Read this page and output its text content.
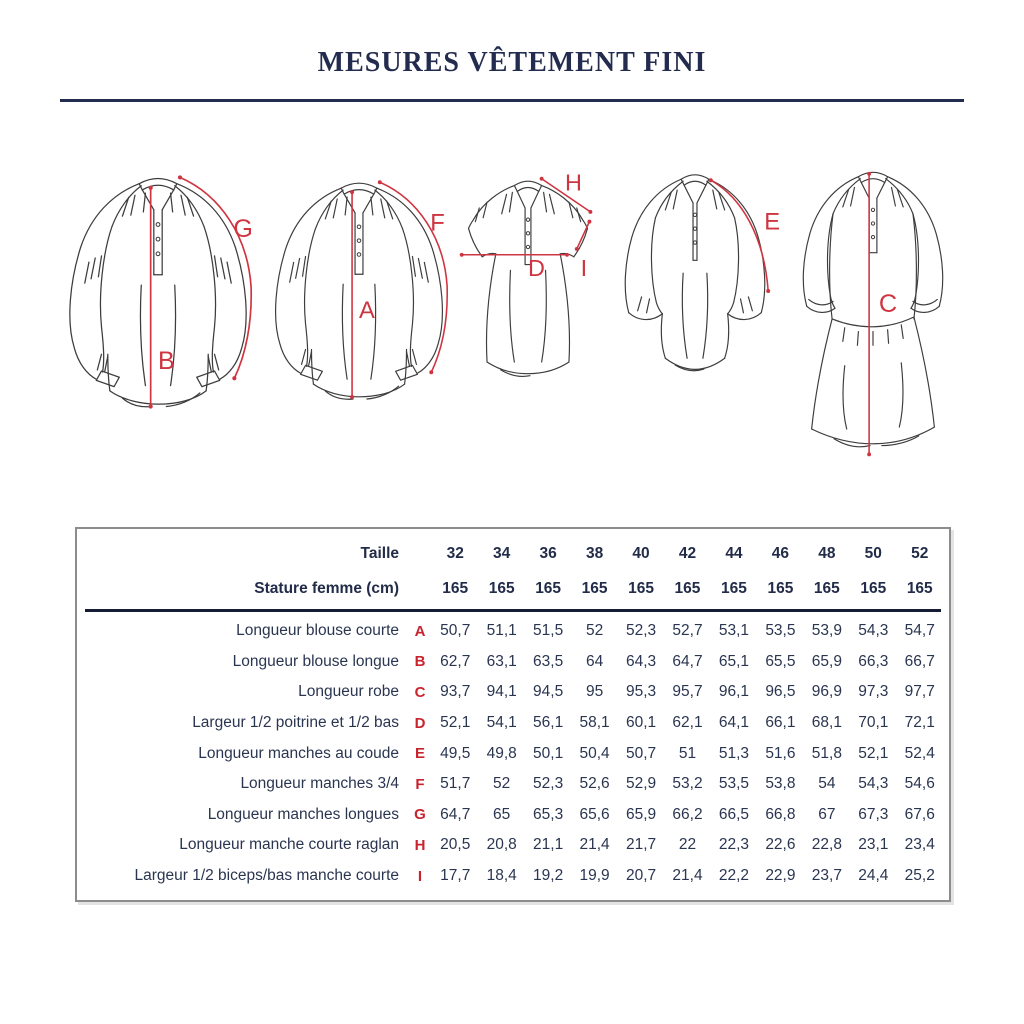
MESURES VÊTEMENT FINI
B
G
A
F
H
D I
E
C
Taille	32	34	36	38	40	42	44	46	48	50	52
Stature femme (cm)	165	165	165	165	165	165	165	165	165	165	165
Longueur blouse courte	A 50,7	51,1	51,5	52	52,3	52,7	53,1	53,5	53,9	54,3	54,7
Longueur blouse longue	B 62,7	63,1	63,5	64	64,3	64,7	65,1	65,5	65,9	66,3	66,7
Longueur robe	C 93,7	94,1	94,5	95	95,3	95,7	96,1	96,5	96,9	97,3	97,7
Largeur 1/2 poitrine et 1/2 bas	D 52,1	54,1	56,1	58,1	60,1	62,1	64,1	66,1	68,1	70,1	72,1
Longueur manches au coude	E 49,5	49,8	50,1	50,4	50,7	51	51,3	51,6	51,8	52,1	52,4
Longueur manches 3/4	F	51,7	52	52,3	52,6	52,9	53,2	53,5	53,8	54	54,3	54,6
Longueur manches longues	G 64,7	65	65,3	65,6	65,9	66,2	66,5	66,8	67	67,3	67,6
Longueur manche courte raglan	H 20,5	20,8	21,1	21,4	21,7	22	22,3	22,6	22,8	23,1	23,4
Largeur 1/2 biceps/bas manche courte	I	17,7	18,4	19,2	19,9	20,7	21,4	22,2	22,9	23,7	24,4	25,2
